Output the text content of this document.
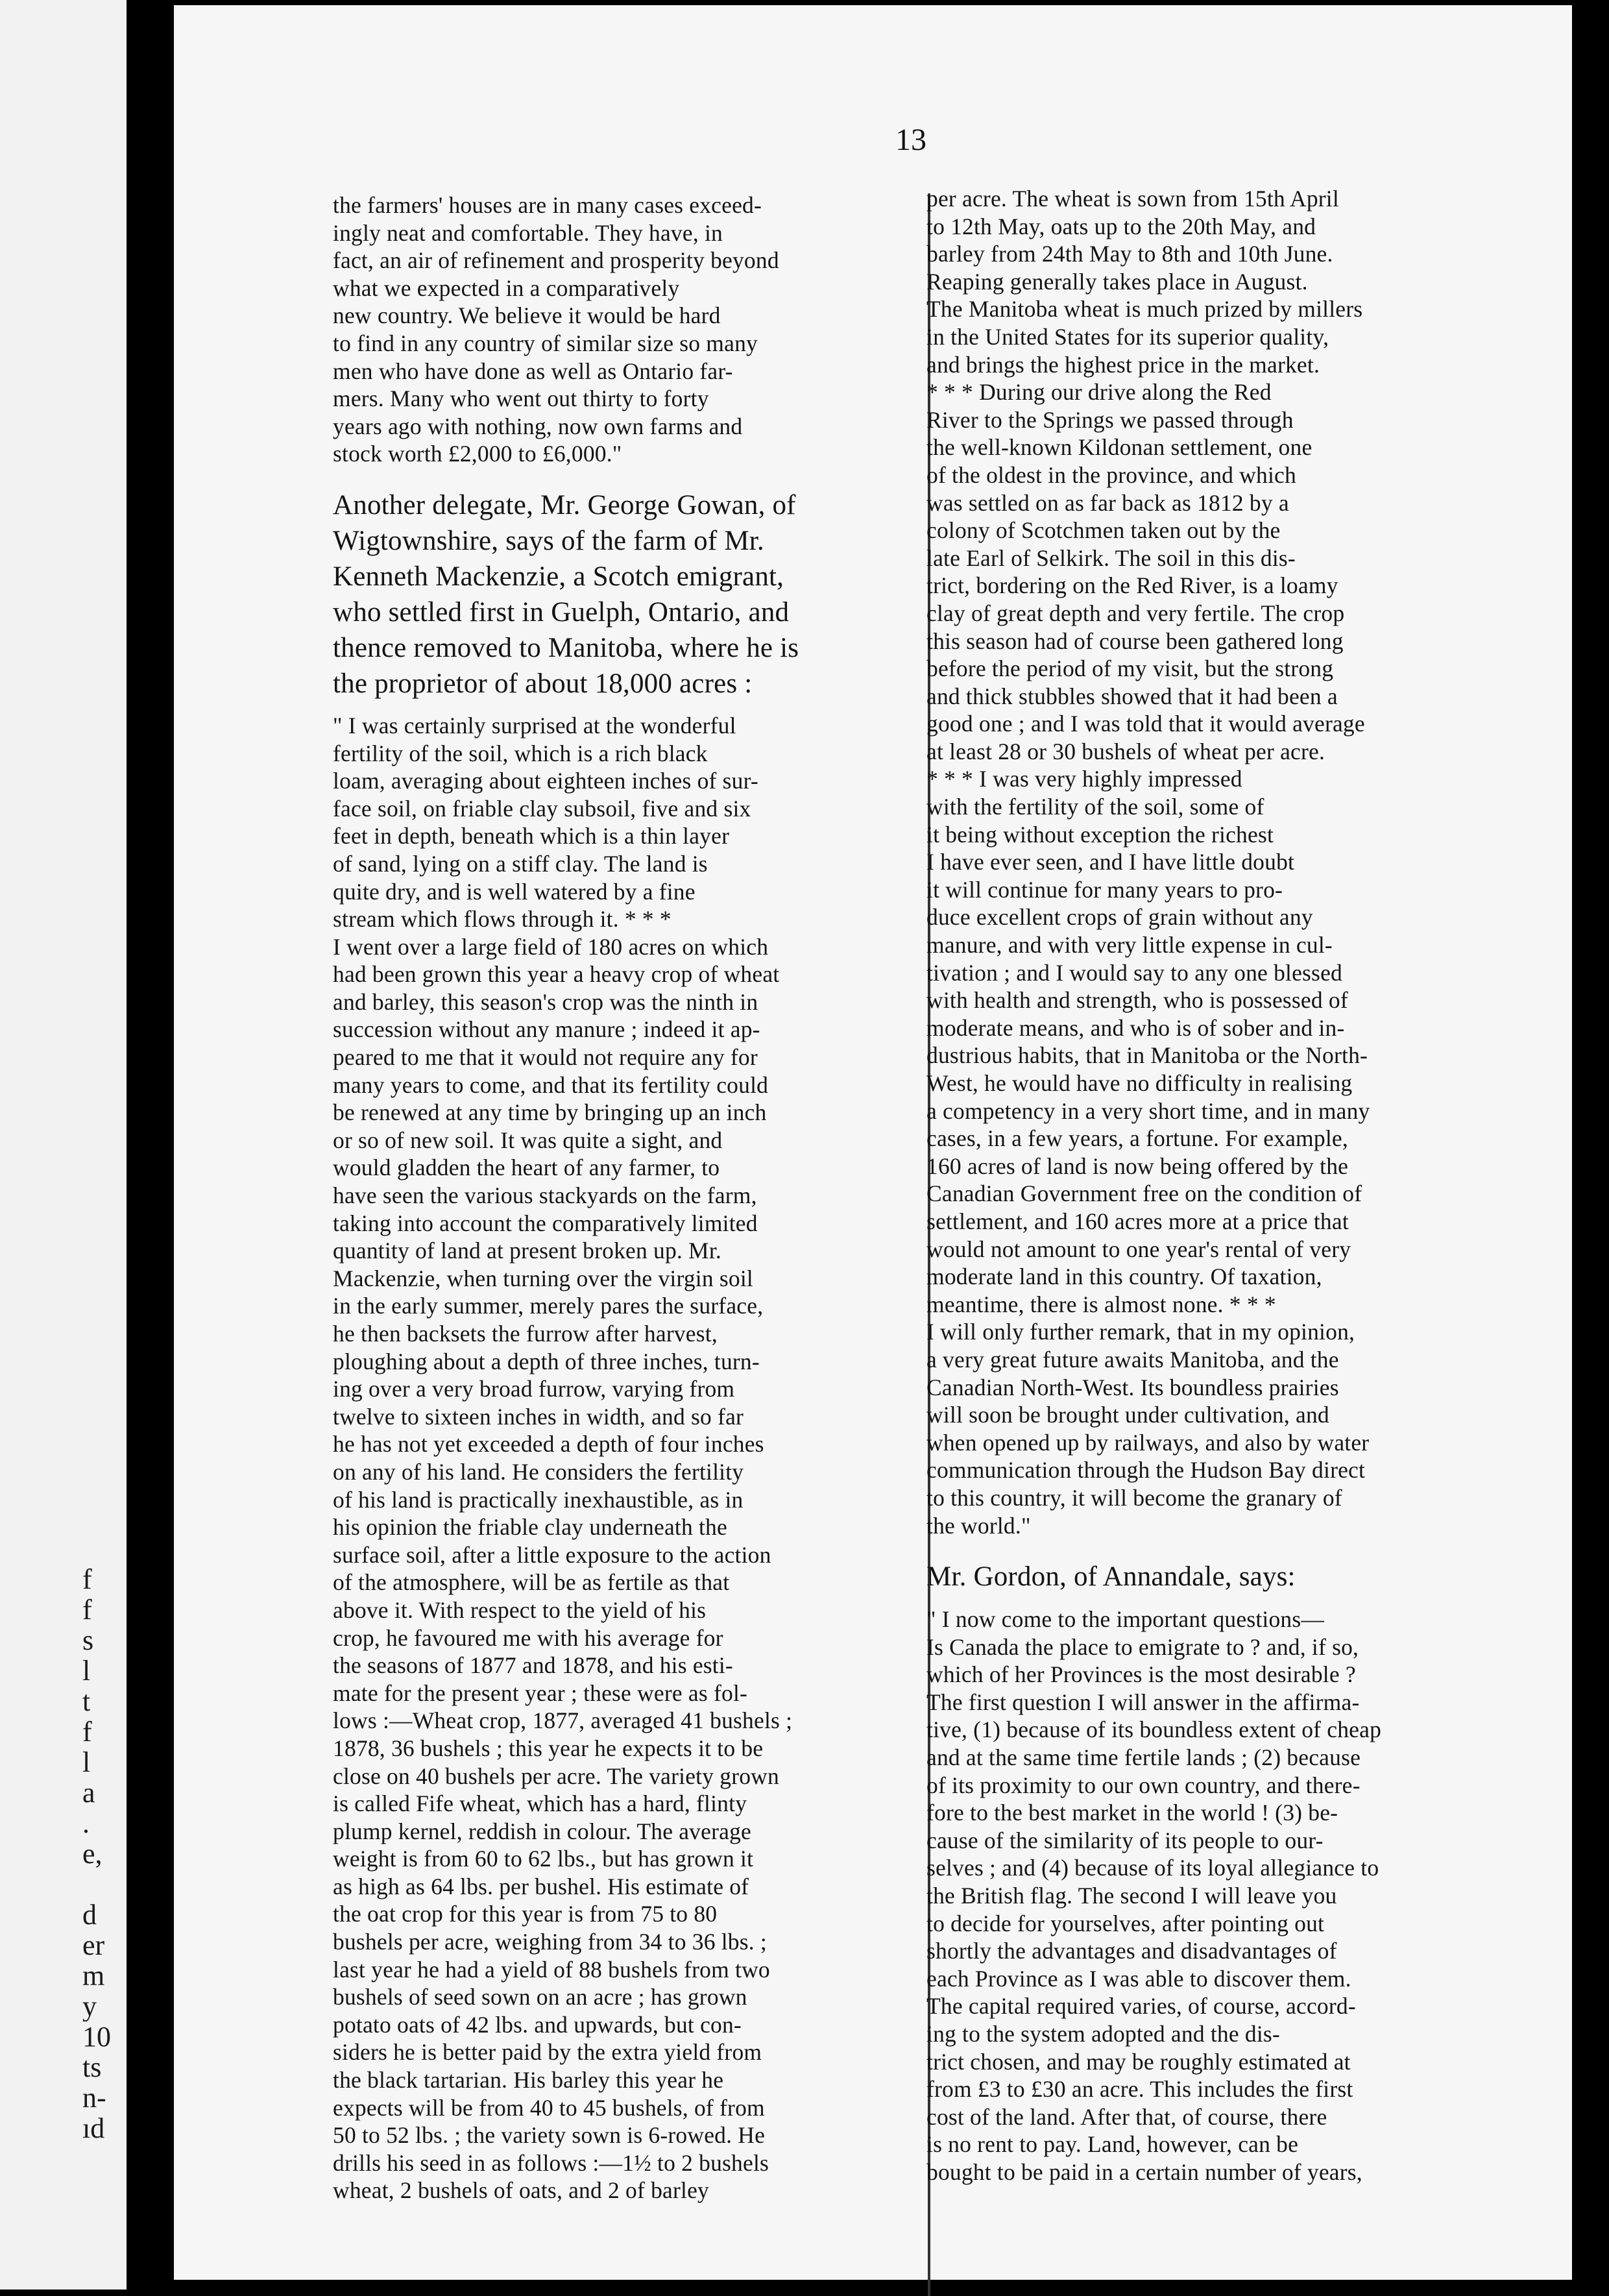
f
f
s
l
t
f
l
a
.
e,
d
er
m
y
10
ts
n-
ıd
13
the farmers' houses are in many cases exceed-
ingly neat and comfortable. They have, in
fact, an air of refinement and prosperity beyond
what we expected in a comparatively
new country. We believe it would be hard
to find in any country of similar size so many
men who have done as well as Ontario far-
mers. Many who went out thirty to forty
years ago with nothing, now own farms and
stock worth £2,000 to £6,000."
Another delegate, Mr. George Gowan, of
Wigtownshire, says of the farm of Mr.
Kenneth Mackenzie, a Scotch emigrant,
who settled first in Guelph, Ontario, and
thence removed to Manitoba, where he is
the proprietor of about 18,000 acres :
" I was certainly surprised at the wonderful
fertility of the soil, which is a rich black
loam, averaging about eighteen inches of sur-
face soil, on friable clay subsoil, five and six
feet in depth, beneath which is a thin layer
of sand, lying on a stiff clay. The land is
quite dry, and is well watered by a fine
stream which flows through it. * * *
I went over a large field of 180 acres on which
had been grown this year a heavy crop of wheat
and barley, this season's crop was the ninth in
succession without any manure ; indeed it ap-
peared to me that it would not require any for
many years to come, and that its fertility could
be renewed at any time by bringing up an inch
or so of new soil. It was quite a sight, and
would gladden the heart of any farmer, to
have seen the various stackyards on the farm,
taking into account the comparatively limited
quantity of land at present broken up. Mr.
Mackenzie, when turning over the virgin soil
in the early summer, merely pares the surface,
he then backsets the furrow after harvest,
ploughing about a depth of three inches, turn-
ing over a very broad furrow, varying from
twelve to sixteen inches in width, and so far
he has not yet exceeded a depth of four inches
on any of his land. He considers the fertility
of his land is practically inexhaustible, as in
his opinion the friable clay underneath the
surface soil, after a little exposure to the action
of the atmosphere, will be as fertile as that
above it. With respect to the yield of his
crop, he favoured me with his average for
the seasons of 1877 and 1878, and his esti-
mate for the present year ; these were as fol-
lows :—Wheat crop, 1877, averaged 41 bushels ;
1878, 36 bushels ; this year he expects it to be
close on 40 bushels per acre. The variety grown
is called Fife wheat, which has a hard, flinty
plump kernel, reddish in colour. The average
weight is from 60 to 62 lbs., but has grown it
as high as 64 lbs. per bushel. His estimate of
the oat crop for this year is from 75 to 80
bushels per acre, weighing from 34 to 36 lbs. ;
last year he had a yield of 88 bushels from two
bushels of seed sown on an acre ; has grown
potato oats of 42 lbs. and upwards, but con-
siders he is better paid by the extra yield from
the black tartarian. His barley this year he
expects will be from 40 to 45 bushels, of from
50 to 52 lbs. ; the variety sown is 6-rowed. He
drills his seed in as follows :—1½ to 2 bushels
wheat, 2 bushels of oats, and 2 of barley
per acre. The wheat is sown from 15th April
to 12th May, oats up to the 20th May, and
barley from 24th May to 8th and 10th June.
Reaping generally takes place in August.
The Manitoba wheat is much prized by millers
in the United States for its superior quality,
and brings the highest price in the market.
* * * During our drive along the Red
River to the Springs we passed through
the well-known Kildonan settlement, one
of the oldest in the province, and which
was settled on as far back as 1812 by a
colony of Scotchmen taken out by the
late Earl of Selkirk. The soil in this dis-
trict, bordering on the Red River, is a loamy
clay of great depth and very fertile. The crop
this season had of course been gathered long
before the period of my visit, but the strong
and thick stubbles showed that it had been a
good one ; and I was told that it would average
at least 28 or 30 bushels of wheat per acre.
* * * I was very highly impressed
with the fertility of the soil, some of
it being without exception the richest
I have ever seen, and I have little doubt
it will continue for many years to pro-
duce excellent crops of grain without any
manure, and with very little expense in cul-
tivation ; and I would say to any one blessed
with health and strength, who is possessed of
moderate means, and who is of sober and in-
dustrious habits, that in Manitoba or the North-
West, he would have no difficulty in realising
a competency in a very short time, and in many
cases, in a few years, a fortune. For example,
160 acres of land is now being offered by the
Canadian Government free on the condition of
settlement, and 160 acres more at a price that
would not amount to one year's rental of very
moderate land in this country. Of taxation,
meantime, there is almost none. * * *
I will only further remark, that in my opinion,
a very great future awaits Manitoba, and the
Canadian North-West. Its boundless prairies
will soon be brought under cultivation, and
when opened up by railways, and also by water
communication through the Hudson Bay direct
to this country, it will become the granary of
the world."
Mr. Gordon, of Annandale, says:
" I now come to the important questions—
Is Canada the place to emigrate to ? and, if so,
which of her Provinces is the most desirable ?
The first question I will answer in the affirma-
tive, (1) because of its boundless extent of cheap
and at the same time fertile lands ; (2) because
of its proximity to our own country, and there-
fore to the best market in the world ! (3) be-
cause of the similarity of its people to our-
selves ; and (4) because of its loyal allegiance to
the British flag. The second I will leave you
to decide for yourselves, after pointing out
shortly the advantages and disadvantages of
each Province as I was able to discover them.
The capital required varies, of course, accord-
ing to the system adopted and the dis-
trict chosen, and may be roughly estimated at
from £3 to £30 an acre. This includes the first
cost of the land. After that, of course, there
is no rent to pay. Land, however, can be
bought to be paid in a certain number of years,
